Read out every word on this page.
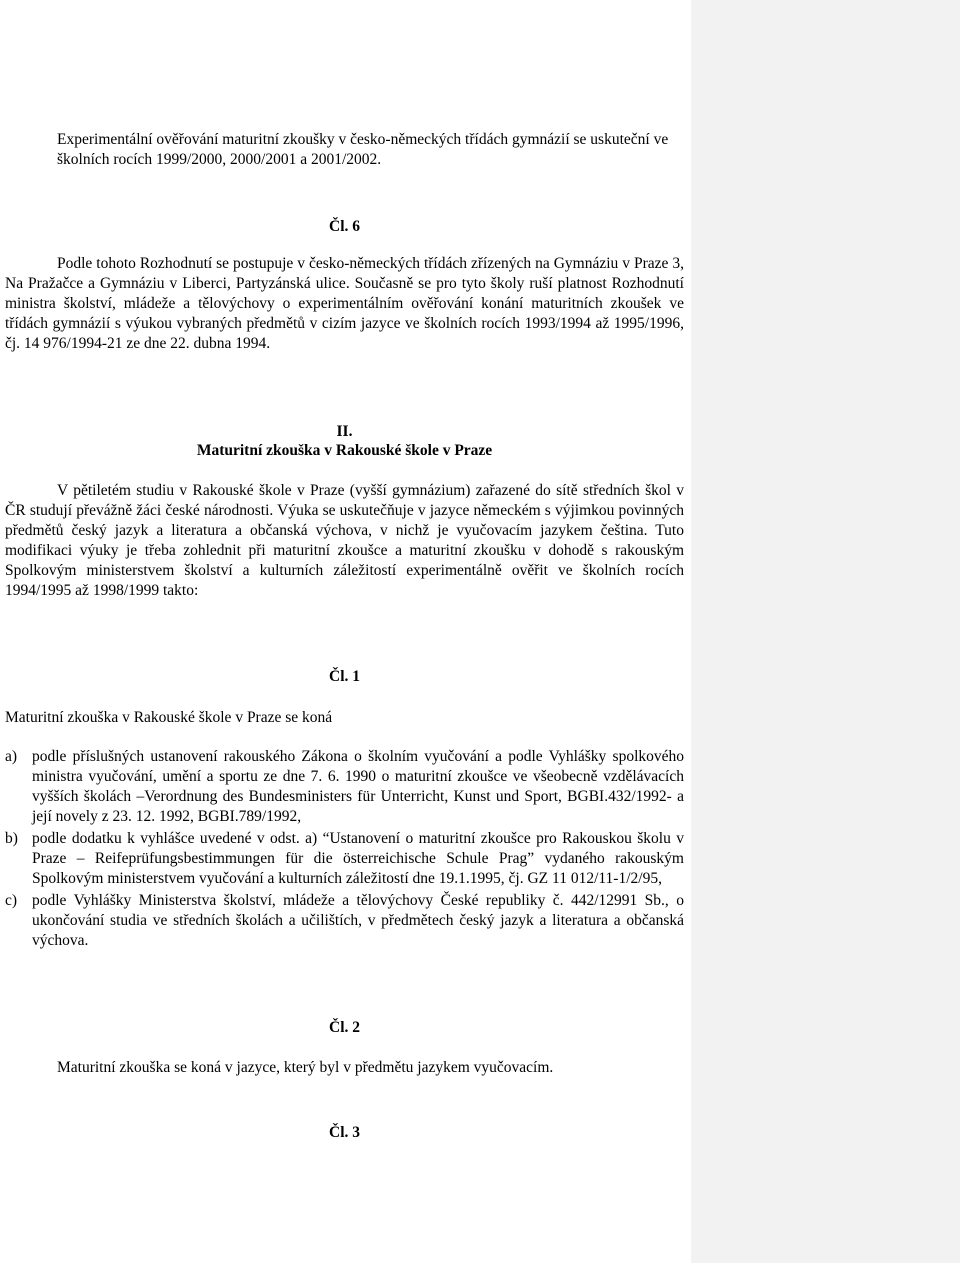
Experimentální ověřování maturitní zkoušky v česko-německých třídách gymnázií se uskuteční ve školních rocích 1999/2000, 2000/2001 a 2001/2002.

Čl. 6

Podle tohoto Rozhodnutí se postupuje v česko-německých třídách zřízených na Gymnáziu v Praze 3, Na Pražačce a Gymnáziu v Liberci, Partyzánská ulice. Současně se pro tyto školy ruší platnost Rozhodnutí ministra školství, mládeže a tělovýchovy o experimentálním ověřování konání maturitních zkoušek ve třídách gymnázií s výukou vybraných předmětů v cizím jazyce ve školních rocích 1993/1994 až 1995/1996, čj. 14 976/1994-21 ze dne 22. dubna 1994.

II.

Maturitní zkouška v Rakouské škole v Praze

V pětiletém studiu v Rakouské škole v Praze (vyšší gymnázium) zařazené do sítě středních škol v ČR studují převážně žáci české národnosti. Výuka se uskutečňuje v jazyce německém s výjimkou povinných předmětů český jazyk a literatura a občanská výchova, v nichž je vyučovacím jazykem čeština. Tuto modifikaci výuky je třeba zohlednit při maturitní zkoušce a maturitní zkoušku v dohodě s rakouským Spolkovým ministerstvem školství a kulturních záležitostí experimentálně ověřit ve školních rocích 1994/1995 až 1998/1999 takto:

Čl. 1

Maturitní zkouška v Rakouské škole v Praze se koná

a) podle příslušných ustanovení rakouského Zákona o školním vyučování a podle Vyhlášky spolkového ministra vyučování, umění a sportu ze dne 7. 6. 1990 o maturitní zkoušce ve všeobecně vzdělávacích vyšších školách –Verordnung des Bundesministers für Unterricht, Kunst und Sport, BGBI.432/1992- a její novely z 23. 12. 1992, BGBI.789/1992,
b) podle dodatku k vyhlášce uvedené v odst. a) “Ustanovení o maturitní zkoušce pro Rakouskou školu v Praze – Reifeprüfungsbestimmungen für die österreichische Schule Prag” vydaného rakouským Spolkovým ministerstvem vyučování a kulturních záležitostí dne 19.1.1995, čj. GZ 11 012/11-1/2/95,
c) podle Vyhlášky Ministerstva školství, mládeže a tělovýchovy České republiky č. 442/12991 Sb., o ukončování studia ve středních školách a učilištích, v předmětech český jazyk a literatura a občanská výchova.

Čl. 2

Maturitní zkouška se koná v jazyce, který byl v předmětu jazykem vyučovacím.

Čl. 3
